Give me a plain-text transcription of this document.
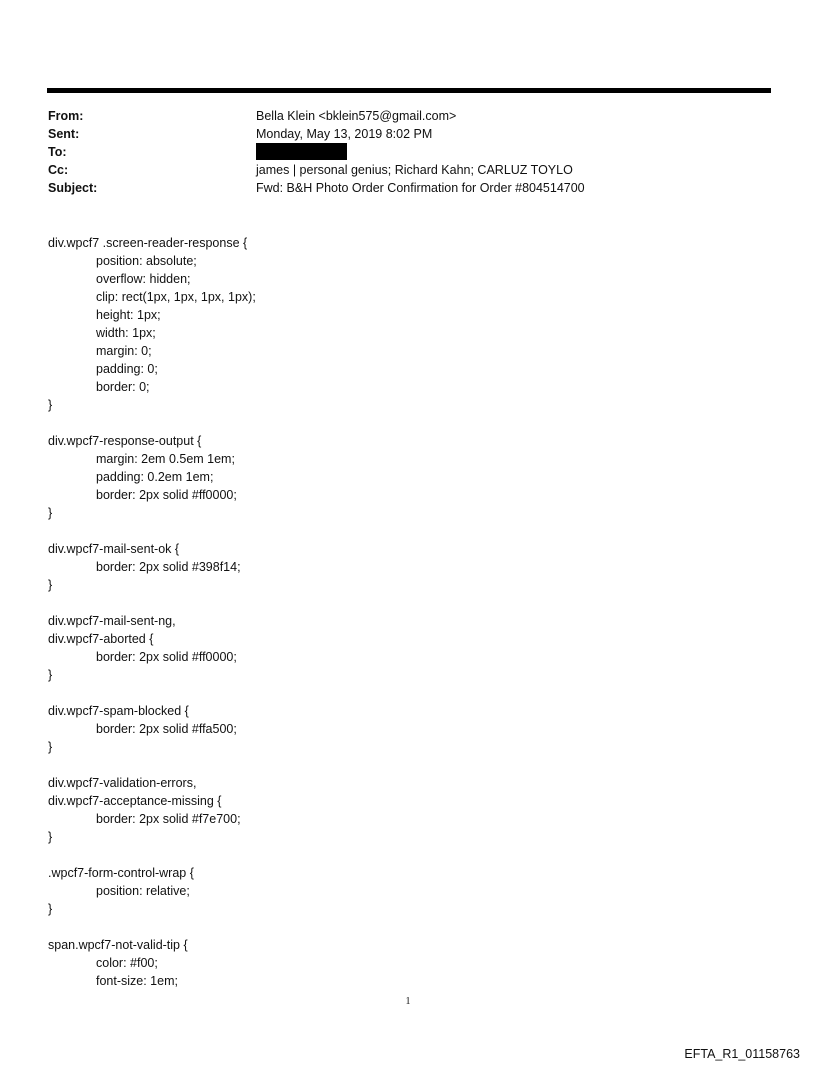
From:	Bella Klein <bklein575@gmail.com>
Sent:	Monday, May 13, 2019 8:02 PM
To:
Cc:	james | personal genius; Richard Kahn; CARLUZ TOYLO
Subject:	Fwd: B&H Photo Order Confirmation for Order #804514700
div.wpcf7 .screen-reader-response {
position: absolute;
overflow: hidden;
clip: rect(1px, 1px, 1px, 1px);
height: 1px;
width: 1px;
margin: 0;
padding: 0;
border: 0;
}
div.wpcf7-response-output {
margin: 2em 0.5em 1em;
padding: 0.2em 1em;
border: 2px solid #ff0000;
}
div.wpcf7-mail-sent-ok {
border: 2px solid #398f14;
}
div.wpcf7-mail-sent-ng,
div.wpcf7-aborted {
border: 2px solid #ff0000;
}
div.wpcf7-spam-blocked {
border: 2px solid #ffa500;
}
div.wpcf7-validation-errors,
div.wpcf7-acceptance-missing {
border: 2px solid #f7e700;
}
.wpcf7-form-control-wrap {
position: relative;
}
span.wpcf7-not-valid-tip {
color: #f00;
font-size: 1em;
1
EFTA_R1_01158763
